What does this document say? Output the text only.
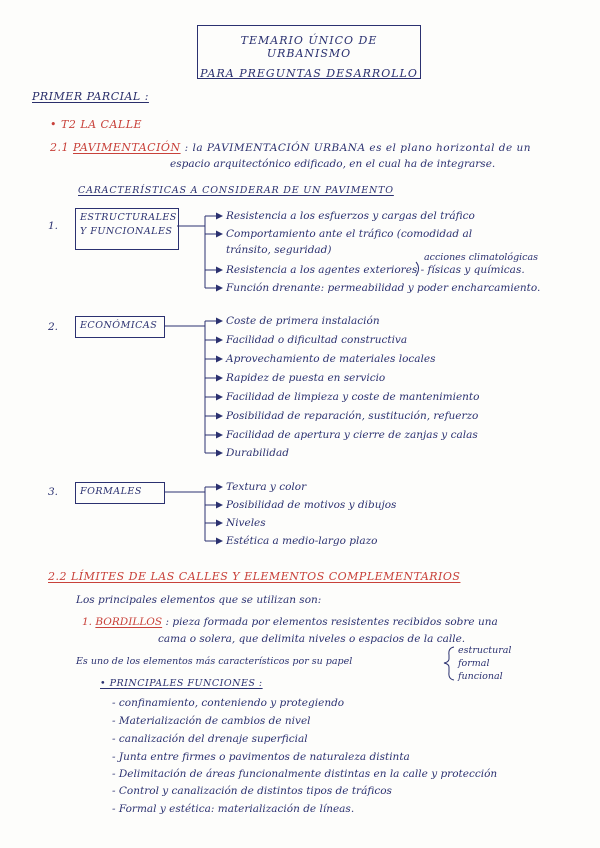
TEMARIO ÚNICO DE URBANISMO
PARA PREGUNTAS DESARROLLO
PRIMER PARCIAL :
• T2 LA CALLE
2.1 PAVIMENTACIÓN : la PAVIMENTACIÓN URBANA es el plano horizontal de un
espacio arquitectónico edificado, en el cual ha de integrarse.
CARACTERÍSTICAS A CONSIDERAR DE UN PAVIMENTO
1.
ESTRUCTURALES
Y FUNCIONALES
Resistencia a los esfuerzos y cargas del tráfico
Comportamiento ante el tráfico (comodidad al
tránsito, seguridad)
acciones climatológicas
Resistencia a los agentes exteriores - físicas y químicas.
Función drenante: permeabilidad y poder encharcamiento.
2. ECONÓMICAS	Coste de primera instalación
Facilidad o dificultad constructiva
Aprovechamiento de materiales locales
Rapidez de puesta en servicio
Facilidad de limpieza y coste de mantenimiento
Posibilidad de reparación, sustitución, refuerzo
Facilidad de apertura y cierre de zanjas y calas
Durabilidad
3. FORMALES	Textura y color
Posibilidad de motivos y dibujos
Niveles
Estética a medio-largo plazo
2.2 LÍMITES DE LAS CALLES Y ELEMENTOS COMPLEMENTARIOS
Los principales elementos que se utilizan son:
1. BORDILLOS : pieza formada por elementos resistentes recibidos sobre una
cama o solera, que delimita niveles o espacios de la calle.
Es uno de los elementos más característicos por su papel
estructural
formal
funcional
• PRINCIPALES FUNCIONES :
- confinamiento, conteniendo y protegiendo
- Materialización de cambios de nivel
- canalización del drenaje superficial
- Junta entre firmes o pavimentos de naturaleza distinta
- Delimitación de áreas funcionalmente distintas en la calle y protección
- Control y canalización de distintos tipos de tráficos
- Formal y estética: materialización de líneas.
